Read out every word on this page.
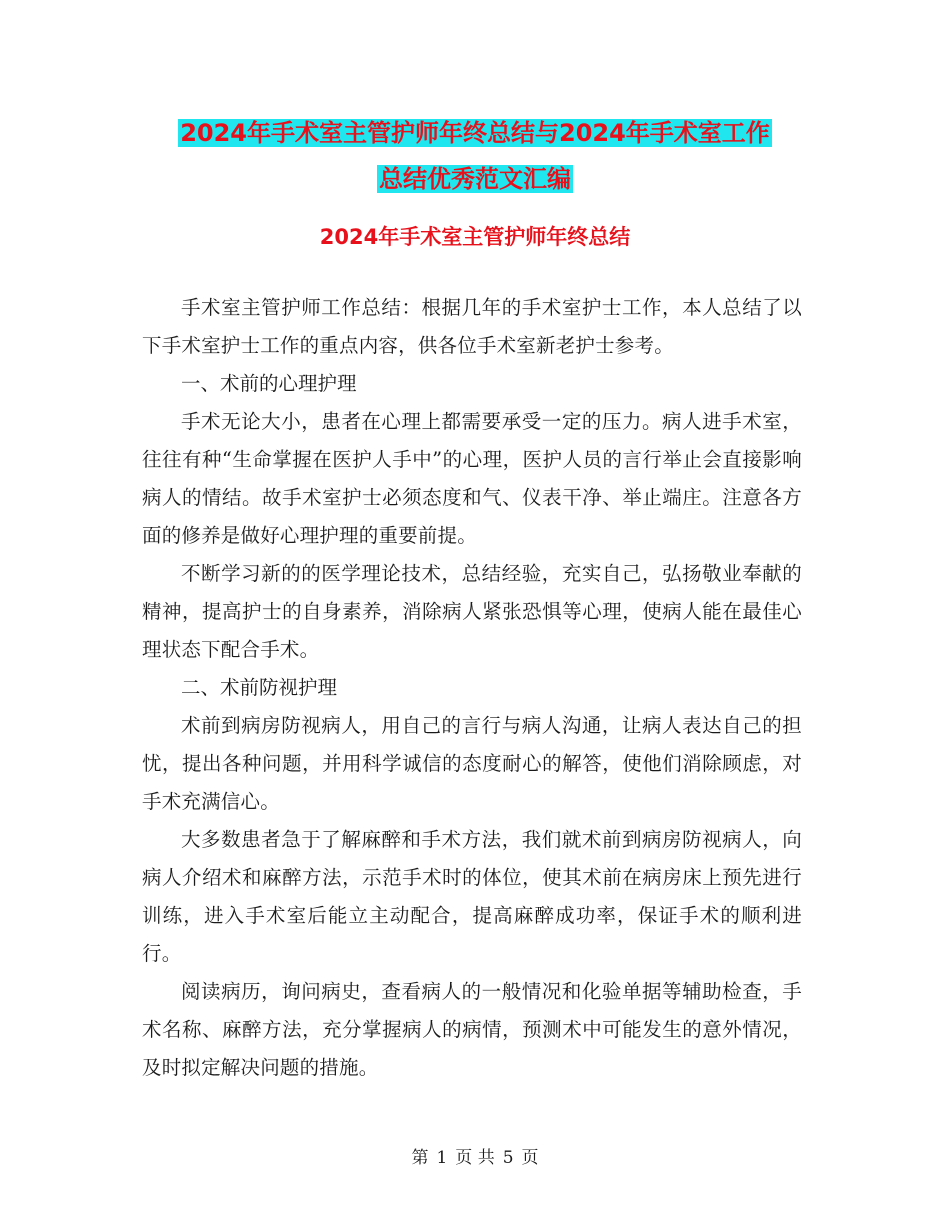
2024年手术室主管护师年终总结与2024年手术室工作
总结优秀范文汇编
2024年手术室主管护师年终总结

手术室主管护师工作总结：根据几年的手术室护士工作，本人总结了以下手术室护士工作的重点内容，供各位手术室新老护士参考。

一、术前的心理护理

手术无论大小，患者在心理上都需要承受一定的压力。病人进手术室，往往有种“生命掌握在医护人手中”的心理，医护人员的言行举止会直接影响病人的情结。故手术室护士必须态度和气、仪表干净、举止端庄。注意各方面的修养是做好心理护理的重要前提。

不断学习新的的医学理论技术，总结经验，充实自己，弘扬敬业奉献的精神，提高护士的自身素养，消除病人紧张恐惧等心理，使病人能在最佳心理状态下配合手术。

二、术前防视护理

术前到病房防视病人，用自己的言行与病人沟通，让病人表达自己的担忧，提出各种问题，并用科学诚信的态度耐心的解答，使他们消除顾虑，对手术充满信心。

大多数患者急于了解麻醉和手术方法，我们就术前到病房防视病人，向病人介绍术和麻醉方法，示范手术时的体位，使其术前在病房床上预先进行训练，进入手术室后能立主动配合，提高麻醉成功率，保证手术的顺利进行。

阅读病历，询问病史，查看病人的一般情况和化验单据等辅助检查，手术名称、麻醉方法，充分掌握病人的病情，预测术中可能发生的意外情况，及时拟定解决问题的措施。

第 1 页 共 5 页
